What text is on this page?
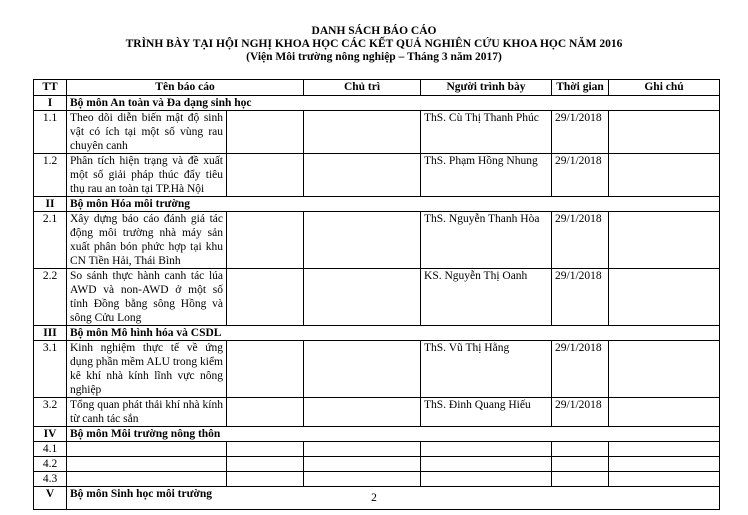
DANH SÁCH BÁO CÁO
TRÌNH BÀY TẠI HỘI NGHỊ KHOA HỌC CÁC KẾT QUẢ NGHIÊN CỨU KHOA HỌC NĂM 2016
(Viện Môi trường nông nghiệp – Tháng 3 năm 2017)
TT	Tên báo cáo		Chủ trì	Người trình bày	Thời gian	Ghi chú
I	Bộ môn An toàn và Đa dạng sinh học					
1.1	Theo dõi diễn biến mật độ sinh vật có ích tại một số vùng rau chuyên canh			ThS. Cù Thị Thanh Phúc	29/1/2018	
1.2	Phân tích hiện trạng và đề xuất một số giải pháp thúc đẩy tiêu thụ rau an toàn tại TP.Hà Nội			ThS. Phạm Hồng Nhung	29/1/2018	
II	Bộ môn Hóa môi trường					
2.1	Xây dựng báo cáo đánh giá tác động môi trường nhà máy sản xuất phân bón phức hợp tại khu CN Tiền Hải, Thái Bình			ThS. Nguyễn Thanh Hòa	29/1/2018	
2.2	So sánh thực hành canh tác lúa AWD và non-AWD ở một số tỉnh Đồng bằng sông Hồng và sông Cửu Long			KS. Nguyễn Thị Oanh	29/1/2018	
III	Bộ môn Mô hình hóa và CSDL					
3.1	Kinh nghiệm thực tế về ứng dụng phần mềm ALU trong kiểm kê khí nhà kính lĩnh vực nông nghiệp			ThS. Vũ Thị Hằng	29/1/2018	
3.2	Tổng quan phát thải khí nhà kính từ canh tác sắn			ThS. Đinh Quang Hiếu	29/1/2018	
IV	Bộ môn Môi trường nông thôn					
4.1						
4.2						
4.3						
V	Bộ môn Sinh học môi trường						2
